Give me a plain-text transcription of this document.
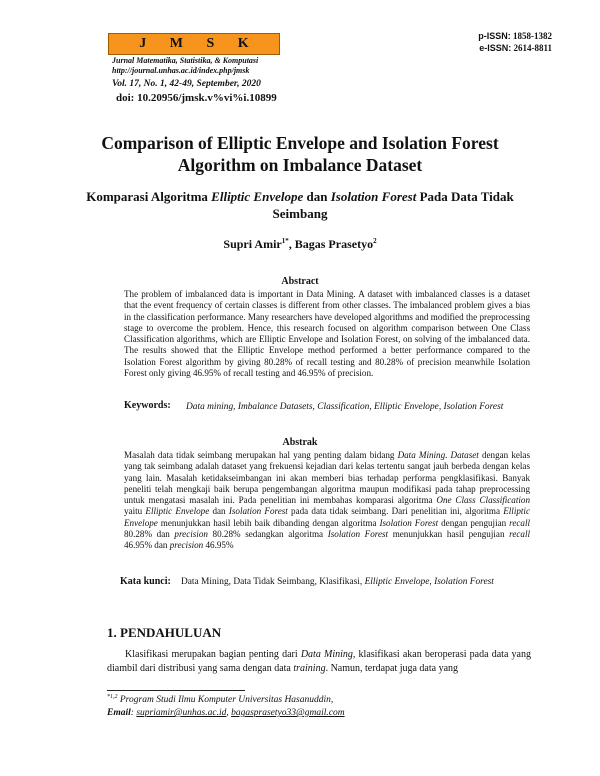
J M S K
Jurnal Matematika, Statistika, & Komputasi
http://journal.unhas.ac.id/index.php/jmsk
Vol. 17, No. 1, 42-49, September, 2020
doi: 10.20956/jmsk.v%vi%i.10899
p-ISSN: 1858-1382
e-ISSN: 2614-8811
Comparison of Elliptic Envelope and Isolation Forest
Algorithm on Imbalance Dataset
Komparasi Algoritma Elliptic Envelope dan Isolation Forest Pada Data Tidak Seimbang
Supri Amir$^{1*}$, Bagas Prasetyo$^2$
Abstract
The problem of imbalanced data is important in Data Mining. A dataset with imbalanced classes is a dataset that the event frequency of certain classes is different from other classes. The imbalanced problem gives a bias in the classification performance. Many researchers have developed algorithms and modified the preprocessing stage to overcome the problem. Hence, this research focused on algorithm comparison between One Class Classification algorithms, which are Elliptic Envelope and Isolation Forest, on solving of the imbalanced data. The results showed that the Elliptic Envelope method performed a better performance compared to the Isolation Forest algorithm by giving 80.28% of recall testing and 80.28% of precision meanwhile Isolation Forest only giving 46.95% of recall testing and 46.95% of precision.
Keywords: Data mining, Imbalance Datasets, Classification, Elliptic Envelope, Isolation Forest
Abstrak
Masalah data tidak seimbang merupakan hal yang penting dalam bidang Data Mining. Dataset dengan kelas yang tak seimbang adalah dataset yang frekuensi kejadian dari kelas tertentu sangat jauh berbeda dengan kelas yang lain. Masalah ketidakseimbangan ini akan memberi bias terhadap performa pengklasifikasi. Banyak peneliti telah mengkaji baik berupa pengembangan algoritma maupun modifikasi pada tahap preprocessing untuk mengatasi masalah ini. Pada penelitian ini membahas komparasi algoritma One Class Classification yaitu Elliptic Envelope dan Isolation Forest pada data tidak seimbang. Dari penelitian ini, algoritma Elliptic Envelope menunjukkan hasil lebih baik dibanding dengan algoritma Isolation Forest dengan pengujian recall 80.28% dan precision 80.28% sedangkan algoritma Isolation Forest menunjukkan hasil pengujian recall 46.95% dan precision 46.95%
Kata kunci: Data Mining, Data Tidak Seimbang, Klasifikasi, Elliptic Envelope, Isolation Forest
1. PENDAHULUAN
Klasifikasi merupakan bagian penting dari Data Mining, klasifikasi akan beroperasi pada data yang diambil dari distribusi yang sama dengan data training. Namun, terdapat juga data yang
$^{*1,2}$ Program Studi Ilmu Komputer Universitas Hasanuddin,
Email: supriamir@unhas.ac.id, bagasprasetyo33@gmail.com
